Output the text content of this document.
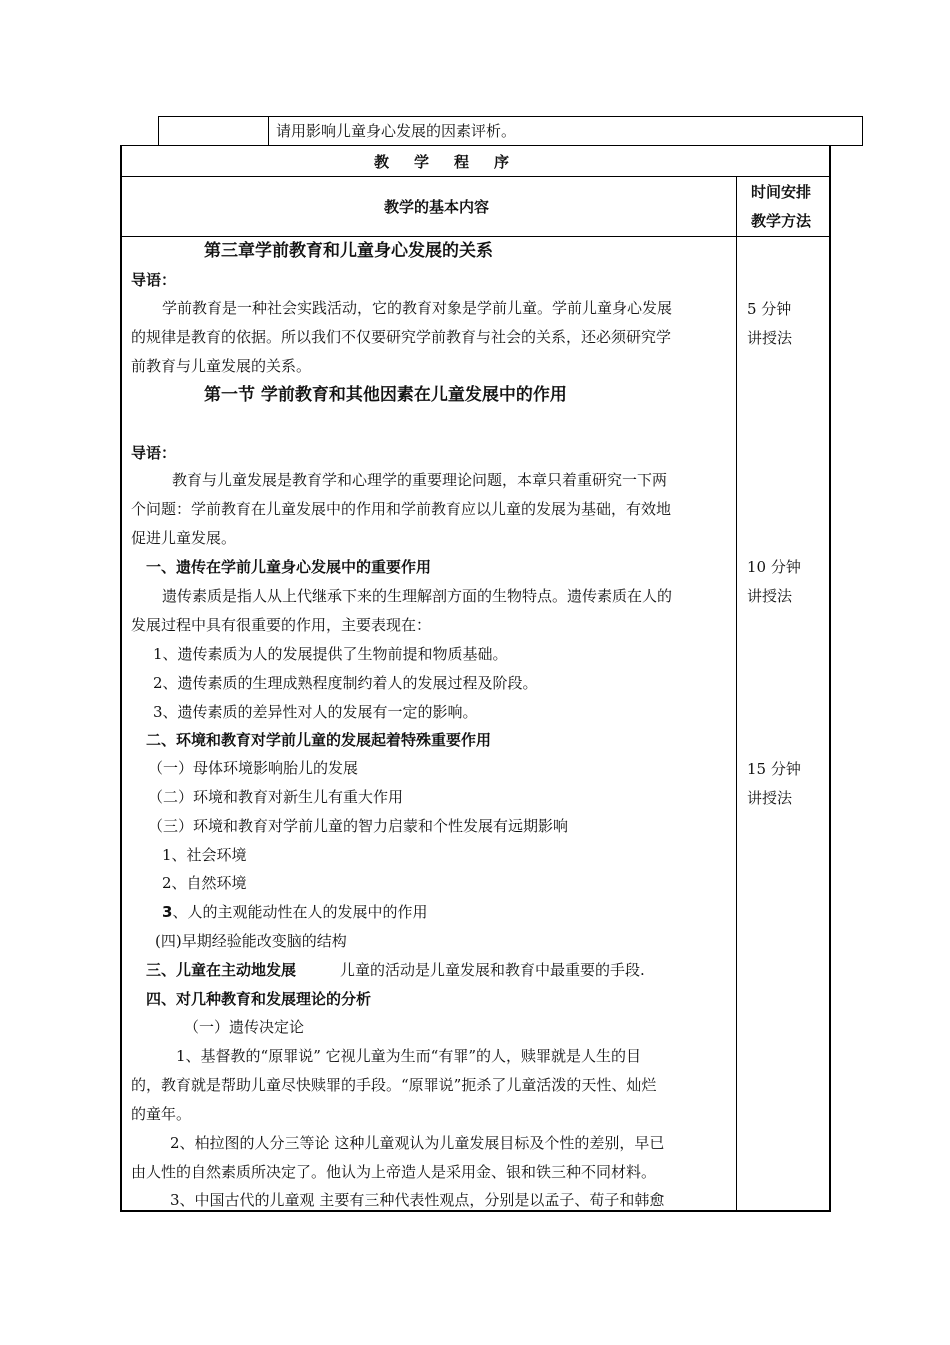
请用影响儿童身心发展的因素评析。
教 学 程 序
教学的基本内容
时间安排
教学方法
第三章学前教育和儿童身心发展的关系
导语：
学前教育是一种社会实践活动，它的教育对象是学前儿童。学前儿童身心发展
的规律是教育的依据。所以我们不仅要研究学前教育与社会的关系，还必须研究学
前教育与儿童发展的关系。
第一节 学前教育和其他因素在儿童发展中的作用
导语：
教育与儿童发展是教育学和心理学的重要理论问题，本章只着重研究一下两
个问题：学前教育在儿童发展中的作用和学前教育应以儿童的发展为基础，有效地
促进儿童发展。
一、遗传在学前儿童身心发展中的重要作用
遗传素质是指人从上代继承下来的生理解剖方面的生物特点。遗传素质在人的
发展过程中具有很重要的作用，主要表现在：
1、遗传素质为人的发展提供了生物前提和物质基础。
2、遗传素质的生理成熟程度制约着人的发展过程及阶段。
3、遗传素质的差异性对人的发展有一定的影响。
二、环境和教育对学前儿童的发展起着特殊重要作用
（一）母体环境影响胎儿的发展
（二）环境和教育对新生儿有重大作用
（三）环境和教育对学前儿童的智力启蒙和个性发展有远期影响
1、社会环境
2、自然环境
3、人的主观能动性在人的发展中的作用
(四)早期经验能改变脑的结构
三、儿童在主动地发展	儿童的活动是儿童发展和教育中最重要的手段.
四、对几种教育和发展理论的分析
（一）遗传决定论
1、基督教的“原罪说” 它视儿童为生而“有罪”的人，赎罪就是人生的目
的，教育就是帮助儿童尽快赎罪的手段。“原罪说”扼杀了儿童活泼的天性、灿烂
的童年。
2、柏拉图的人分三等论 这种儿童观认为儿童发展目标及个性的差别，早已
由人性的自然素质所决定了。他认为上帝造人是采用金、银和铁三种不同材料。
3、中国古代的儿童观 主要有三种代表性观点，分别是以孟子、荀子和韩愈
5 分钟
讲授法
10 分钟
讲授法
15 分钟
讲授法
